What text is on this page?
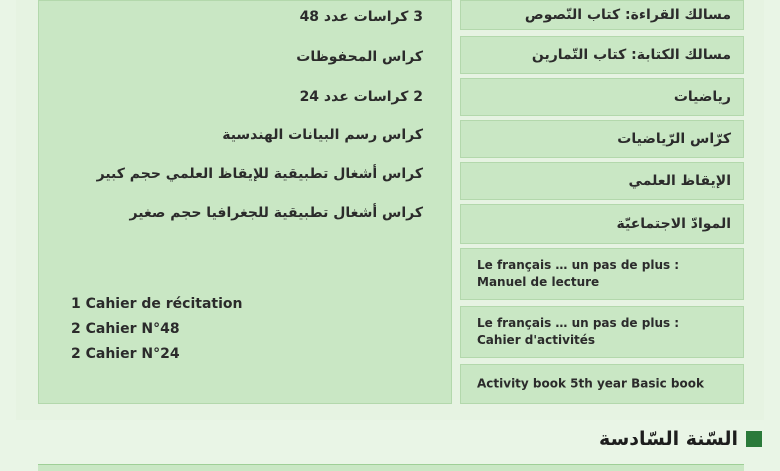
3 كراسات عدد 48
كراس المحفوظات
2 كراسات عدد 24
كراس رسم البيانات الهندسية
كراس أشغال تطبيقية للإيقاظ العلمي حجم كبير
كراس أشغال تطبيقية للجغرافيا حجم صغير
1 Cahier de récitation
2 Cahier N°48
2 Cahier N°24
مسالك القراءة: كتاب النّصوص
مسالك الكتابة: كتاب التّمارين
رياضيات
كرّاس الرّياضيات
الإيقاظ العلمي
الموادّ الاجتماعيّة
Le français … un pas de plus :
Manuel de lecture
Le français … un pas de plus :
Cahier d'activités
Activity book 5th year Basic book
السّنة السّادسة
